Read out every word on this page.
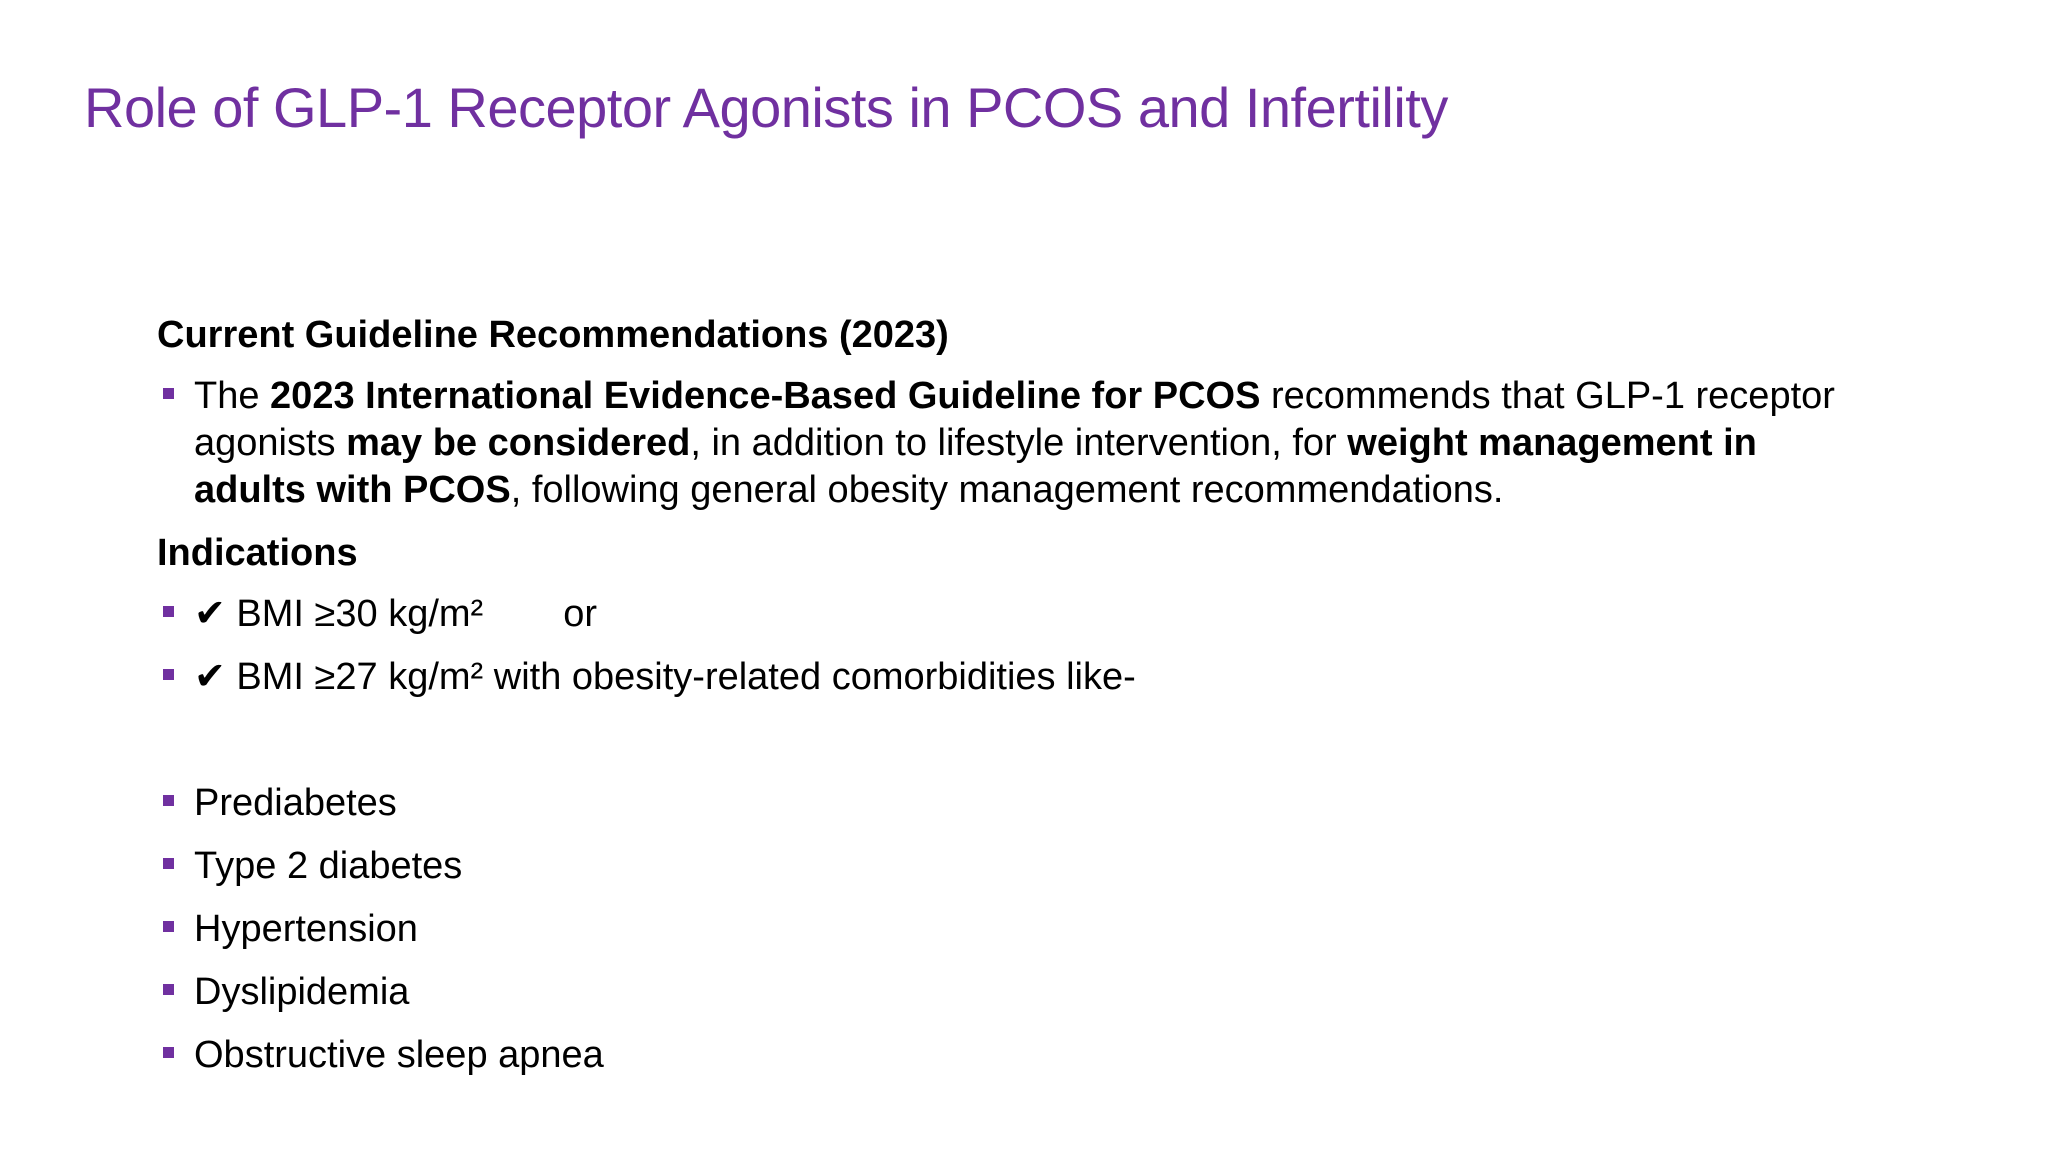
Role of GLP-1 Receptor Agonists in PCOS and Infertility
Current Guideline Recommendations (2023)
The 2023 International Evidence-Based Guideline for PCOS recommends that GLP-1 receptor agonists may be considered, in addition to lifestyle intervention, for weight management in adults with PCOS, following general obesity management recommendations.
Indications
✔ BMI ≥30 kg/m² or
✔ BMI ≥27 kg/m² with obesity-related comorbidities like-
Prediabetes
Type 2 diabetes
Hypertension
Dyslipidemia
Obstructive sleep apnea
